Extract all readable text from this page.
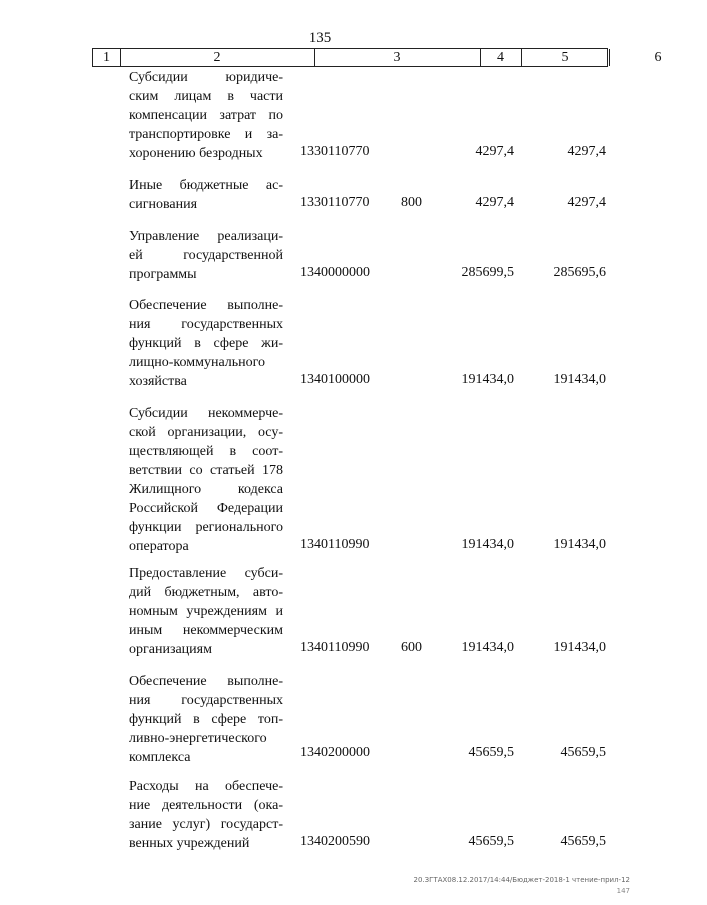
135
1	2	3	4	5	6
Субсидии юридиче-
ским лицам в части
компенсации затрат по
транспортировке и за-
хоронению безродных	1330110770	4297,4	4297,4
Иные бюджетные ас-
сигнования	1330110770 800	4297,4	4297,4
Управление реализаци-
ей государственной
программы	1340000000	285699,5	285695,6
Обеспечение выполне-
ния государственных
функций в сфере жи-
лищно-коммунального
хозяйства	1340100000	191434,0	191434,0
Субсидии некоммерче-
ской организации, осу-
ществляющей в соот-
ветствии со статьей 178
Жилищного кодекса
Российской Федерации
функции регионального
оператора	1340110990	191434,0	191434,0
Предоставление субси-
дий бюджетным, авто-
номным учреждениям и
иным некоммерческим
организациям	1340110990 600	191434,0	191434,0
Обеспечение выполне-
ния государственных
функций в сфере топ-
ливно-энергетического
комплекса	1340200000	45659,5	45659,5
Расходы на обеспече-
ние деятельности (ока-
зание услуг) государст-
венных учреждений	1340200590	45659,5	45659,5
20.ЗГТАХ08.12.2017/14:44/Бюджет-2018-1 чтение-прил-12
147
